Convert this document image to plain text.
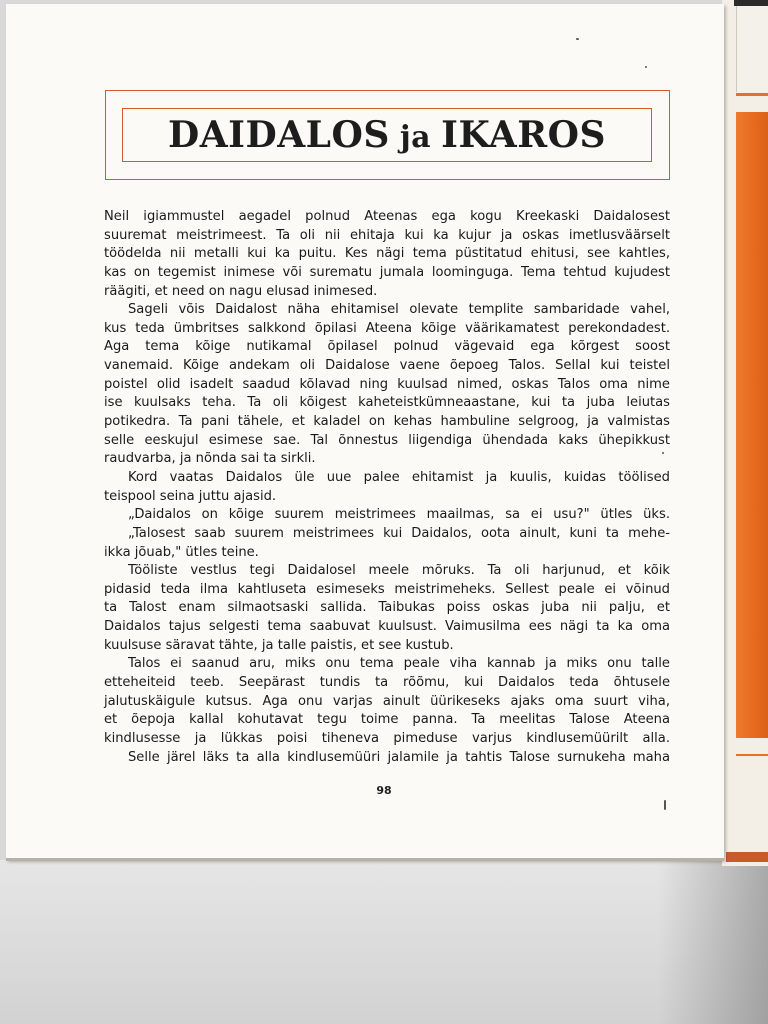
DAIDALOS ja IKAROS
Neil igiammustel aegadel polnud Ateenas ega kogu Kreekaski Daidalosest
suuremat meistrimeest. Ta oli nii ehitaja kui ka kujur ja oskas imetlusväärselt
töödelda nii metalli kui ka puitu. Kes nägi tema püstitatud ehitusi, see kahtles,
kas on tegemist inimese või surematu jumala loominguga. Tema tehtud kujudest
räägiti, et need on nagu elusad inimesed.
Sageli võis Daidalost näha ehitamisel olevate templite sambaridade vahel,
kus teda ümbritses salkkond õpilasi Ateena kõige väärikamatest perekondadest.
Aga tema kõige nutikamal õpilasel polnud vägevaid ega kõrgest soost
vanemaid. Kõige andekam oli Daidalose vaene õepoeg Talos. Sellal kui teistel
poistel olid isadelt saadud kõlavad ning kuulsad nimed, oskas Talos oma nime
ise kuulsaks teha. Ta oli kõigest kaheteistkümneaastane, kui ta juba leiutas
potikedra. Ta pani tähele, et kaladel on kehas hambuline selgroog, ja valmistas
selle eeskujul esimese sae. Tal õnnestus liigendiga ühendada kaks ühepikkust
raudvarba, ja nõnda sai ta sirkli.
Kord vaatas Daidalos üle uue palee ehitamist ja kuulis, kuidas töölised
teispool seina juttu ajasid.
„Daidalos on kõige suurem meistrimees maailmas, sa ei usu?" ütles üks.
„Talosest saab suurem meistrimees kui Daidalos, oota ainult, kuni ta mehe-
ikka jõuab," ütles teine.
Tööliste vestlus tegi Daidalosel meele mõruks. Ta oli harjunud, et kõik
pidasid teda ilma kahtluseta esimeseks meistrimeheks. Sellest peale ei võinud
ta Talost enam silmaotsaski sallida. Taibukas poiss oskas juba nii palju, et
Daidalos tajus selgesti tema saabuvat kuulsust. Vaimusilma ees nägi ta ka oma
kuulsuse säravat tähte, ja talle paistis, et see kustub.
Talos ei saanud aru, miks onu tema peale viha kannab ja miks onu talle
etteheiteid teeb. Seepärast tundis ta rõõmu, kui Daidalos teda õhtusele
jalutuskäigule kutsus. Aga onu varjas ainult üürikeseks ajaks oma suurt viha,
et õepoja kallal kohutavat tegu toime panna. Ta meelitas Talose Ateena
kindlusesse ja lükkas poisi tiheneva pimeduse varjus kindlusemüürilt alla.
Selle järel läks ta alla kindlusemüüri jalamile ja tahtis Talose surnukeha maha
98
